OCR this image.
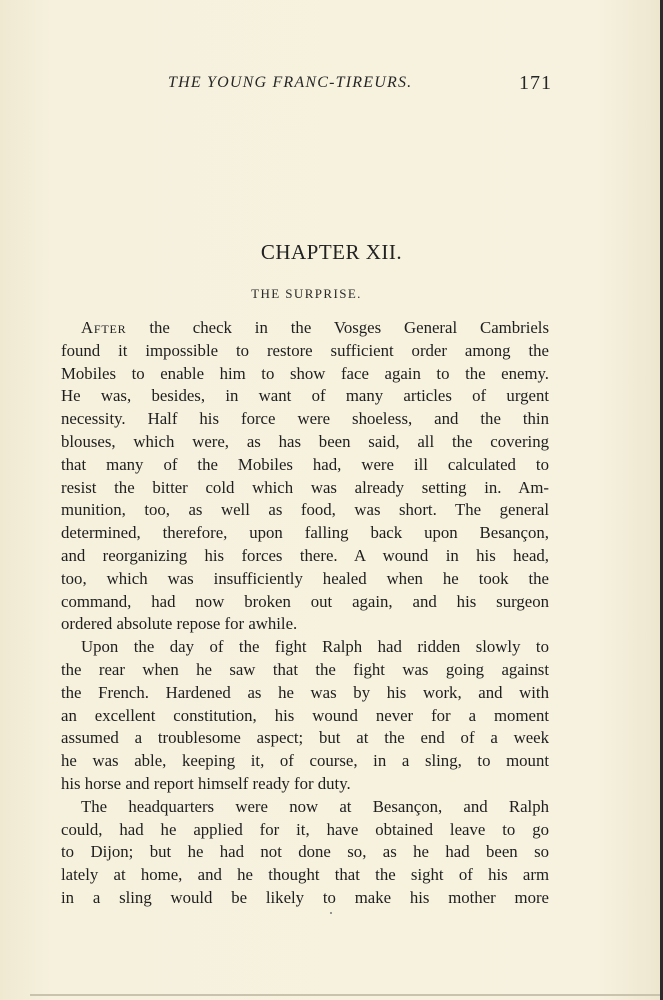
THE YOUNG FRANC-TIREURS.	171
CHAPTER XII.
THE SURPRISE.
After the check in the Vosges General Cambriels
found it impossible to restore sufficient order among the
Mobiles to enable him to show face again to the enemy.
He was, besides, in want of many articles of urgent
necessity. Half his force were shoeless, and the thin
blouses, which were, as has been said, all the covering
that many of the Mobiles had, were ill calculated to
resist the bitter cold which was already setting in. Am-
munition, too, as well as food, was short. The general
determined, therefore, upon falling back upon Besançon,
and reorganizing his forces there. A wound in his head,
too, which was insufficiently healed when he took the
command, had now broken out again, and his surgeon
ordered absolute repose for awhile.
Upon the day of the fight Ralph had ridden slowly to
the rear when he saw that the fight was going against
the French. Hardened as he was by his work, and with
an excellent constitution, his wound never for a moment
assumed a troublesome aspect; but at the end of a week
he was able, keeping it, of course, in a sling, to mount
his horse and report himself ready for duty.
The headquarters were now at Besançon, and Ralph
could, had he applied for it, have obtained leave to go
to Dijon; but he had not done so, as he had been so
lately at home, and he thought that the sight of his arm
in a sling would be likely to make his mother more
